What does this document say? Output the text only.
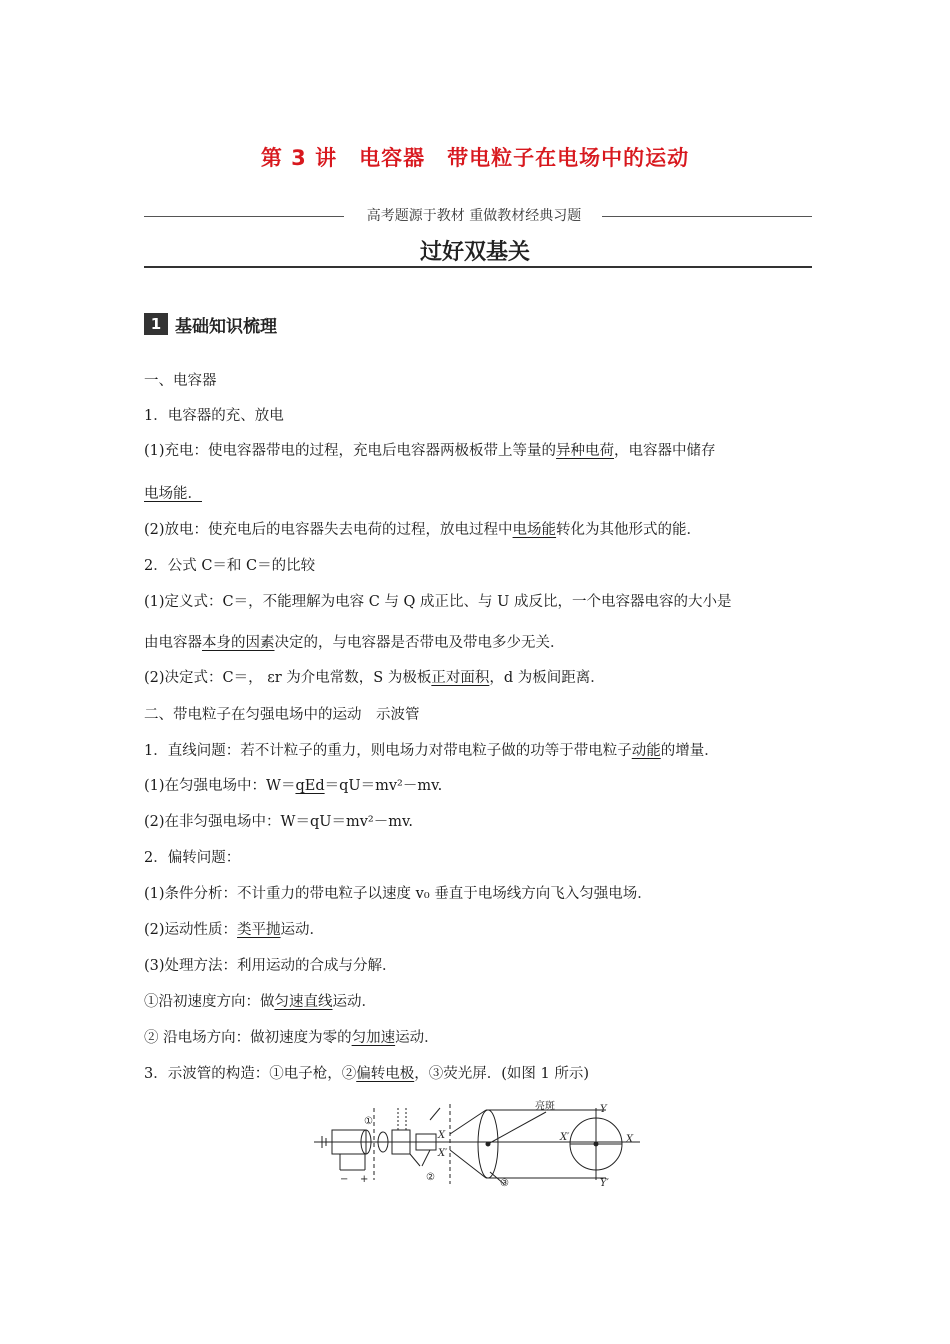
第 3 讲　电容器　带电粒子在电场中的运动
高考题源于教材 重做教材经典习题
过好双基关
1 基础知识梳理
一、电容器
1．电容器的充、放电
(1)充电：使电容器带电的过程，充电后电容器两极板带上等量的异种电荷，电容器中储存
电场能．
(2)放电：使充电后的电容器失去电荷的过程，放电过程中电场能转化为其他形式的能．
2．公式 C＝和 C＝的比较
(1)定义式：C＝，不能理解为电容 C 与 Q 成正比、与 U 成反比，一个电容器电容的大小是
由电容器本身的因素决定的，与电容器是否带电及带电多少无关．
(2)决定式：C＝， εr 为介电常数，S 为极板正对面积，d 为板间距离．
二、带电粒子在匀强电场中的运动　示波管
1．直线问题：若不计粒子的重力，则电场力对带电粒子做的功等于带电粒子动能的增量．
(1)在匀强电场中：W＝qEd＝qU＝mv²－mv.
(2)在非匀强电场中：W＝qU＝mv²－mv.
2．偏转问题：
(1)条件分析：不计重力的带电粒子以速度 v₀ 垂直于电场线方向飞入匀强电场．
(2)运动性质：类平抛运动．
(3)处理方法：利用运动的合成与分解．
①沿初速度方向：做匀速直线运动．
② 沿电场方向：做初速度为零的匀加速运动．
3．示波管的构造：①电子枪，②偏转电极，③荧光屏．(如图 1 所示)
亮斑
①
②
③
X
X′
X′	X
Y
Y′
− +
